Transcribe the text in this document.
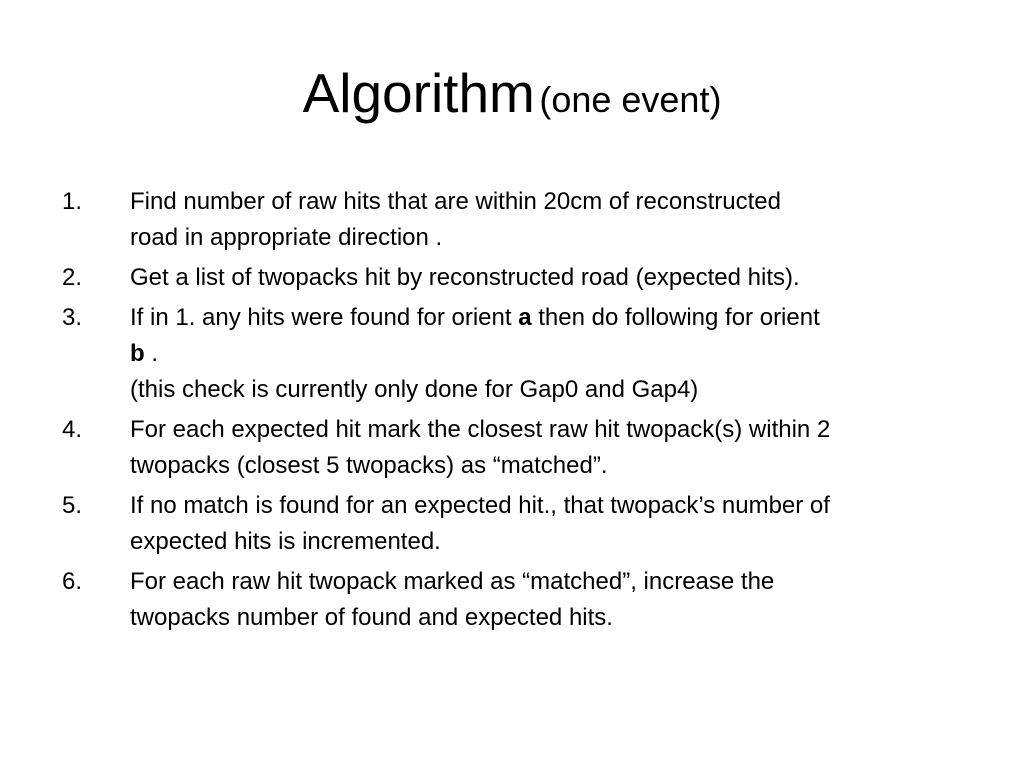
Algorithm (one event)
1. Find number of raw hits that are within 20cm of reconstructed
road in appropriate direction .
2. Get a list of twopacks hit by reconstructed road (expected hits).
3. If in 1. any hits were found for orient a then do following for orient
b .
(this check is currently only done for Gap0 and Gap4)
4. For each expected hit mark the closest raw hit twopack(s) within 2
twopacks (closest 5 twopacks) as “matched”.
5. If no match is found for an expected hit., that twopack’s number of
expected hits is incremented.
6. For each raw hit twopack marked as “matched”, increase the
twopacks number of found and expected hits.
